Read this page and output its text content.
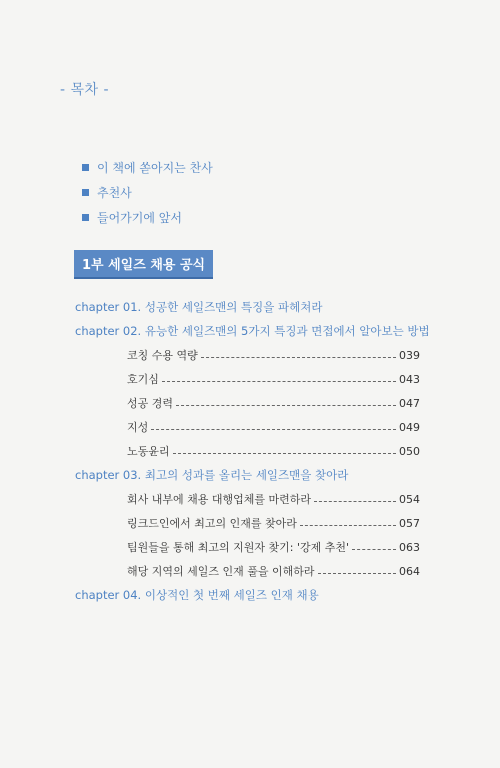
- 목차 -
이 책에 쏟아지는 찬사
추천사
들어가기에 앞서
1부 세일즈 채용 공식
chapter 01. 성공한 세일즈맨의 특징을 파헤쳐라
chapter 02. 유능한 세일즈맨의 5가지 특징과 면접에서 알아보는 방법
코칭 수용 역량	039
호기심	043
성공 경력	047
지성	049
노동윤리	050
chapter 03. 최고의 성과를 올리는 세일즈맨을 찾아라
회사 내부에 채용 대행업체를 마련하라	054
링크드인에서 최고의 인재를 찾아라	057
팀원들을 통해 최고의 지원자 찾기: '강제 추천'	063
해당 지역의 세일즈 인재 풀을 이해하라	064
chapter 04. 이상적인 첫 번째 세일즈 인재 채용
